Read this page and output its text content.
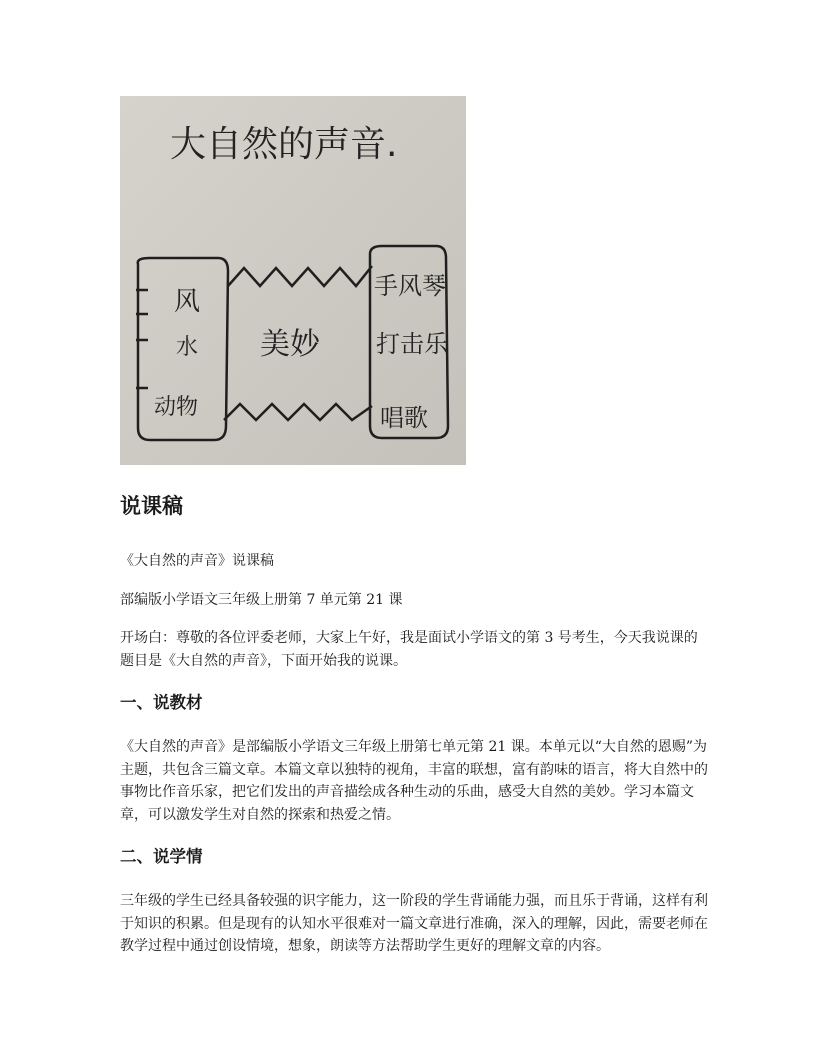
大自然的声音.
风
水
动物
美妙
手风琴
打击乐
唱歌
说课稿

《大自然的声音》说课稿

部编版小学语文三年级上册第 7 单元第 21 课

开场白：尊敬的各位评委老师，大家上午好，我是面试小学语文的第 3 号考生，今天我说课的题目是《大自然的声音》，下面开始我的说课。

一、说教材

《大自然的声音》是部编版小学语文三年级上册第七单元第 21 课。本单元以“大自然的恩赐”为主题，共包含三篇文章。本篇文章以独特的视角，丰富的联想，富有韵味的语言，将大自然中的事物比作音乐家，把它们发出的声音描绘成各种生动的乐曲，感受大自然的美妙。学习本篇文章，可以激发学生对自然的探索和热爱之情。

二、说学情

三年级的学生已经具备较强的识字能力，这一阶段的学生背诵能力强，而且乐于背诵，这样有利于知识的积累。但是现有的认知水平很难对一篇文章进行准确，深入的理解，因此，需要老师在教学过程中通过创设情境，想象，朗读等方法帮助学生更好的理解文章的内容。
